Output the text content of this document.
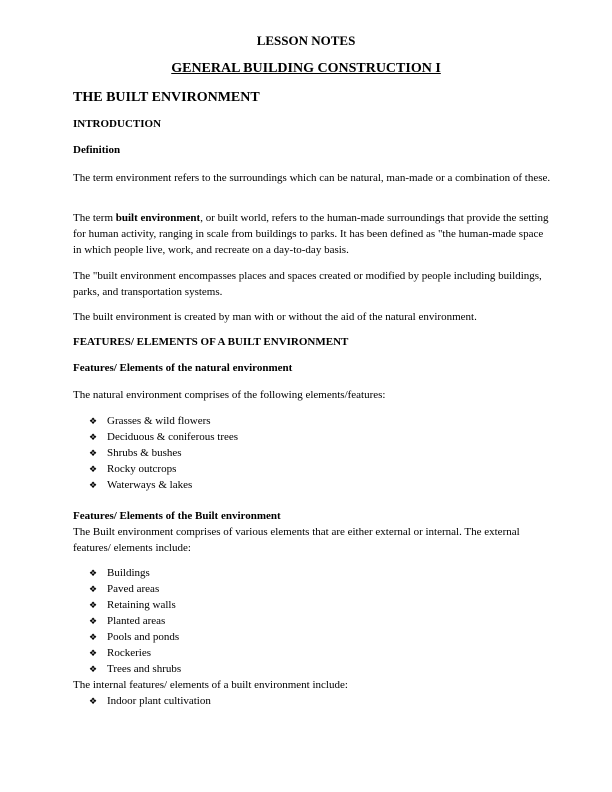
LESSON NOTES
GENERAL BUILDING CONSTRUCTION I
THE BUILT ENVIRONMENT
INTRODUCTION
Definition
The term environment refers to the surroundings which can be natural, man-made or a combination of these.
The term built environment, or built world, refers to the human-made surroundings that provide the setting for human activity, ranging in scale from buildings to parks. It has been defined as "the human-made space in which people live, work, and recreate on a day-to-day basis.
The "built environment encompasses places and spaces created or modified by people including buildings, parks, and transportation systems.
The built environment is created by man with or without the aid of the natural environment.
FEATURES/ ELEMENTS OF A BUILT ENVIRONMENT
Features/ Elements of the natural environment
The natural environment comprises of the following elements/features:
❖ Grasses & wild flowers
❖ Deciduous & coniferous trees
❖ Shrubs & bushes
❖ Rocky outcrops
❖ Waterways & lakes
Features/ Elements of the Built environment
The Built environment comprises of various elements that are either external or internal. The external features/ elements include:
❖ Buildings
❖ Paved areas
❖ Retaining walls
❖ Planted areas
❖ Pools and ponds
❖ Rockeries
❖ Trees and shrubs
The internal features/ elements of a built environment include:
❖ Indoor plant cultivation
